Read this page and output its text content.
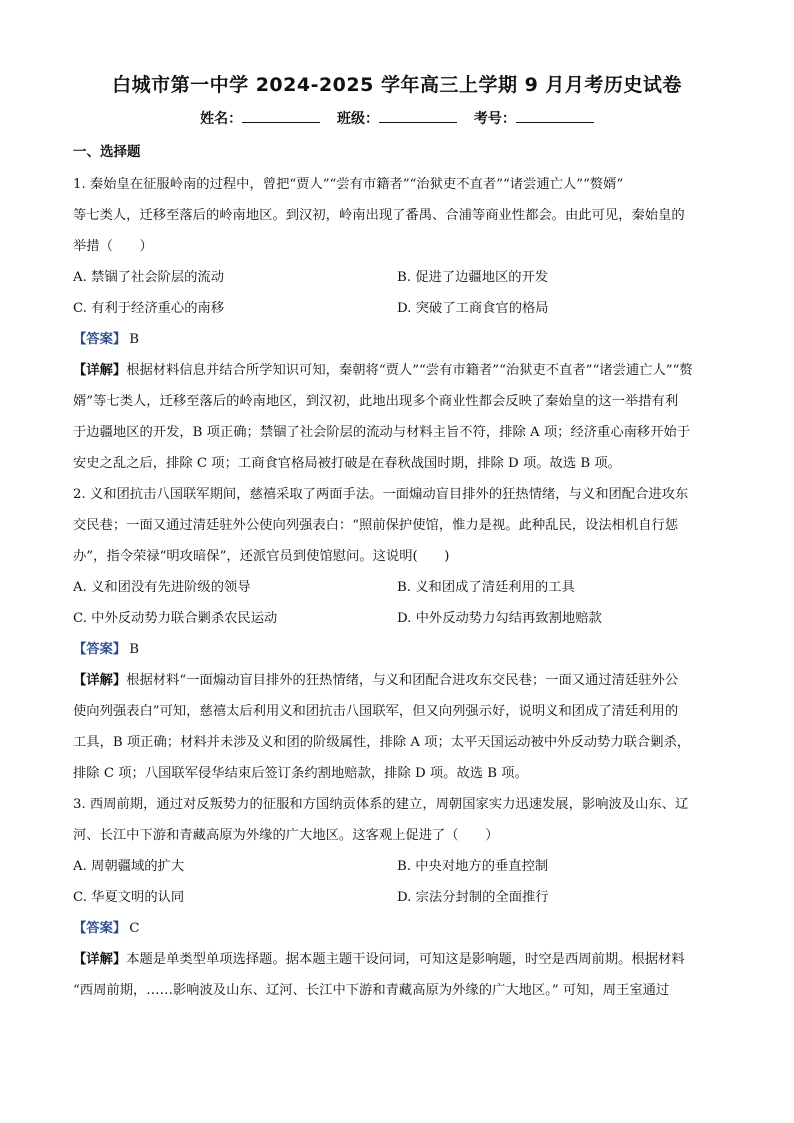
白城市第一中学 2024-2025 学年高三上学期 9 月月考历史试卷
姓名：	班级：	考号：
一、选择题
1. 秦始皇在征服岭南的过程中，曾把“贾人”“尝有市籍者”“治狱吏不直者”“诸尝逋亡人”“赘婿”
等七类人，迁移至落后的岭南地区。到汉初，岭南出现了番禺、合浦等商业性都会。由此可见，秦始皇的
举措（　　）
A. 禁锢了社会阶层的流动	B. 促进了边疆地区的开发
C. 有利于经济重心的南移	D. 突破了工商食官的格局
【答案】 B
【详解】根据材料信息并结合所学知识可知，秦朝将“贾人”“尝有市籍者”“治狱吏不直者”“诸尝逋亡人”“赘
婿”等七类人，迁移至落后的岭南地区，到汉初，此地出现多个商业性都会反映了秦始皇的这一举措有利
于边疆地区的开发，B 项正确；禁锢了社会阶层的流动与材料主旨不符，排除 A 项；经济重心南移开始于
安史之乱之后，排除 C 项；工商食官格局被打破是在春秋战国时期，排除 D 项。故选 B 项。
2. 义和团抗击八国联军期间，慈禧采取了两面手法。一面煽动盲目排外的狂热情绪，与义和团配合进攻东
交民巷；一面又通过清廷驻外公使向列强表白：“照前保护使馆，惟力是视。此种乱民，设法相机自行惩
办”，指令荣禄“明攻暗保”，还派官员到使馆慰问。这说明(　　)
A. 义和团没有先进阶级的领导	B. 义和团成了清廷利用的工具
C. 中外反动势力联合剿杀农民运动	D. 中外反动势力勾结再致割地赔款
【答案】 B
【详解】根据材料“一面煽动盲目排外的狂热情绪，与义和团配合进攻东交民巷；一面又通过清廷驻外公
使向列强表白”可知，慈禧太后利用义和团抗击八国联军，但又向列强示好，说明义和团成了清廷利用的
工具，B 项正确；材料并未涉及义和团的阶级属性，排除 A 项；太平天国运动被中外反动势力联合剿杀，
排除 C 项；八国联军侵华结束后签订条约割地赔款，排除 D 项。故选 B 项。
3. 西周前期，通过对反叛势力的征服和方国纳贡体系的建立，周朝国家实力迅速发展，影响波及山东、辽
河、长江中下游和青藏高原为外缘的广大地区。这客观上促进了（　　）
A. 周朝疆域的扩大	B. 中央对地方的垂直控制
C. 华夏文明的认同	D. 宗法分封制的全面推行
【答案】 C
【详解】本题是单类型单项选择题。据本题主题干设问词，可知这是影响题，时空是西周前期。根据材料
“西周前期，……影响波及山东、辽河、长江中下游和青藏高原为外缘的广大地区。” 可知，周王室通过
